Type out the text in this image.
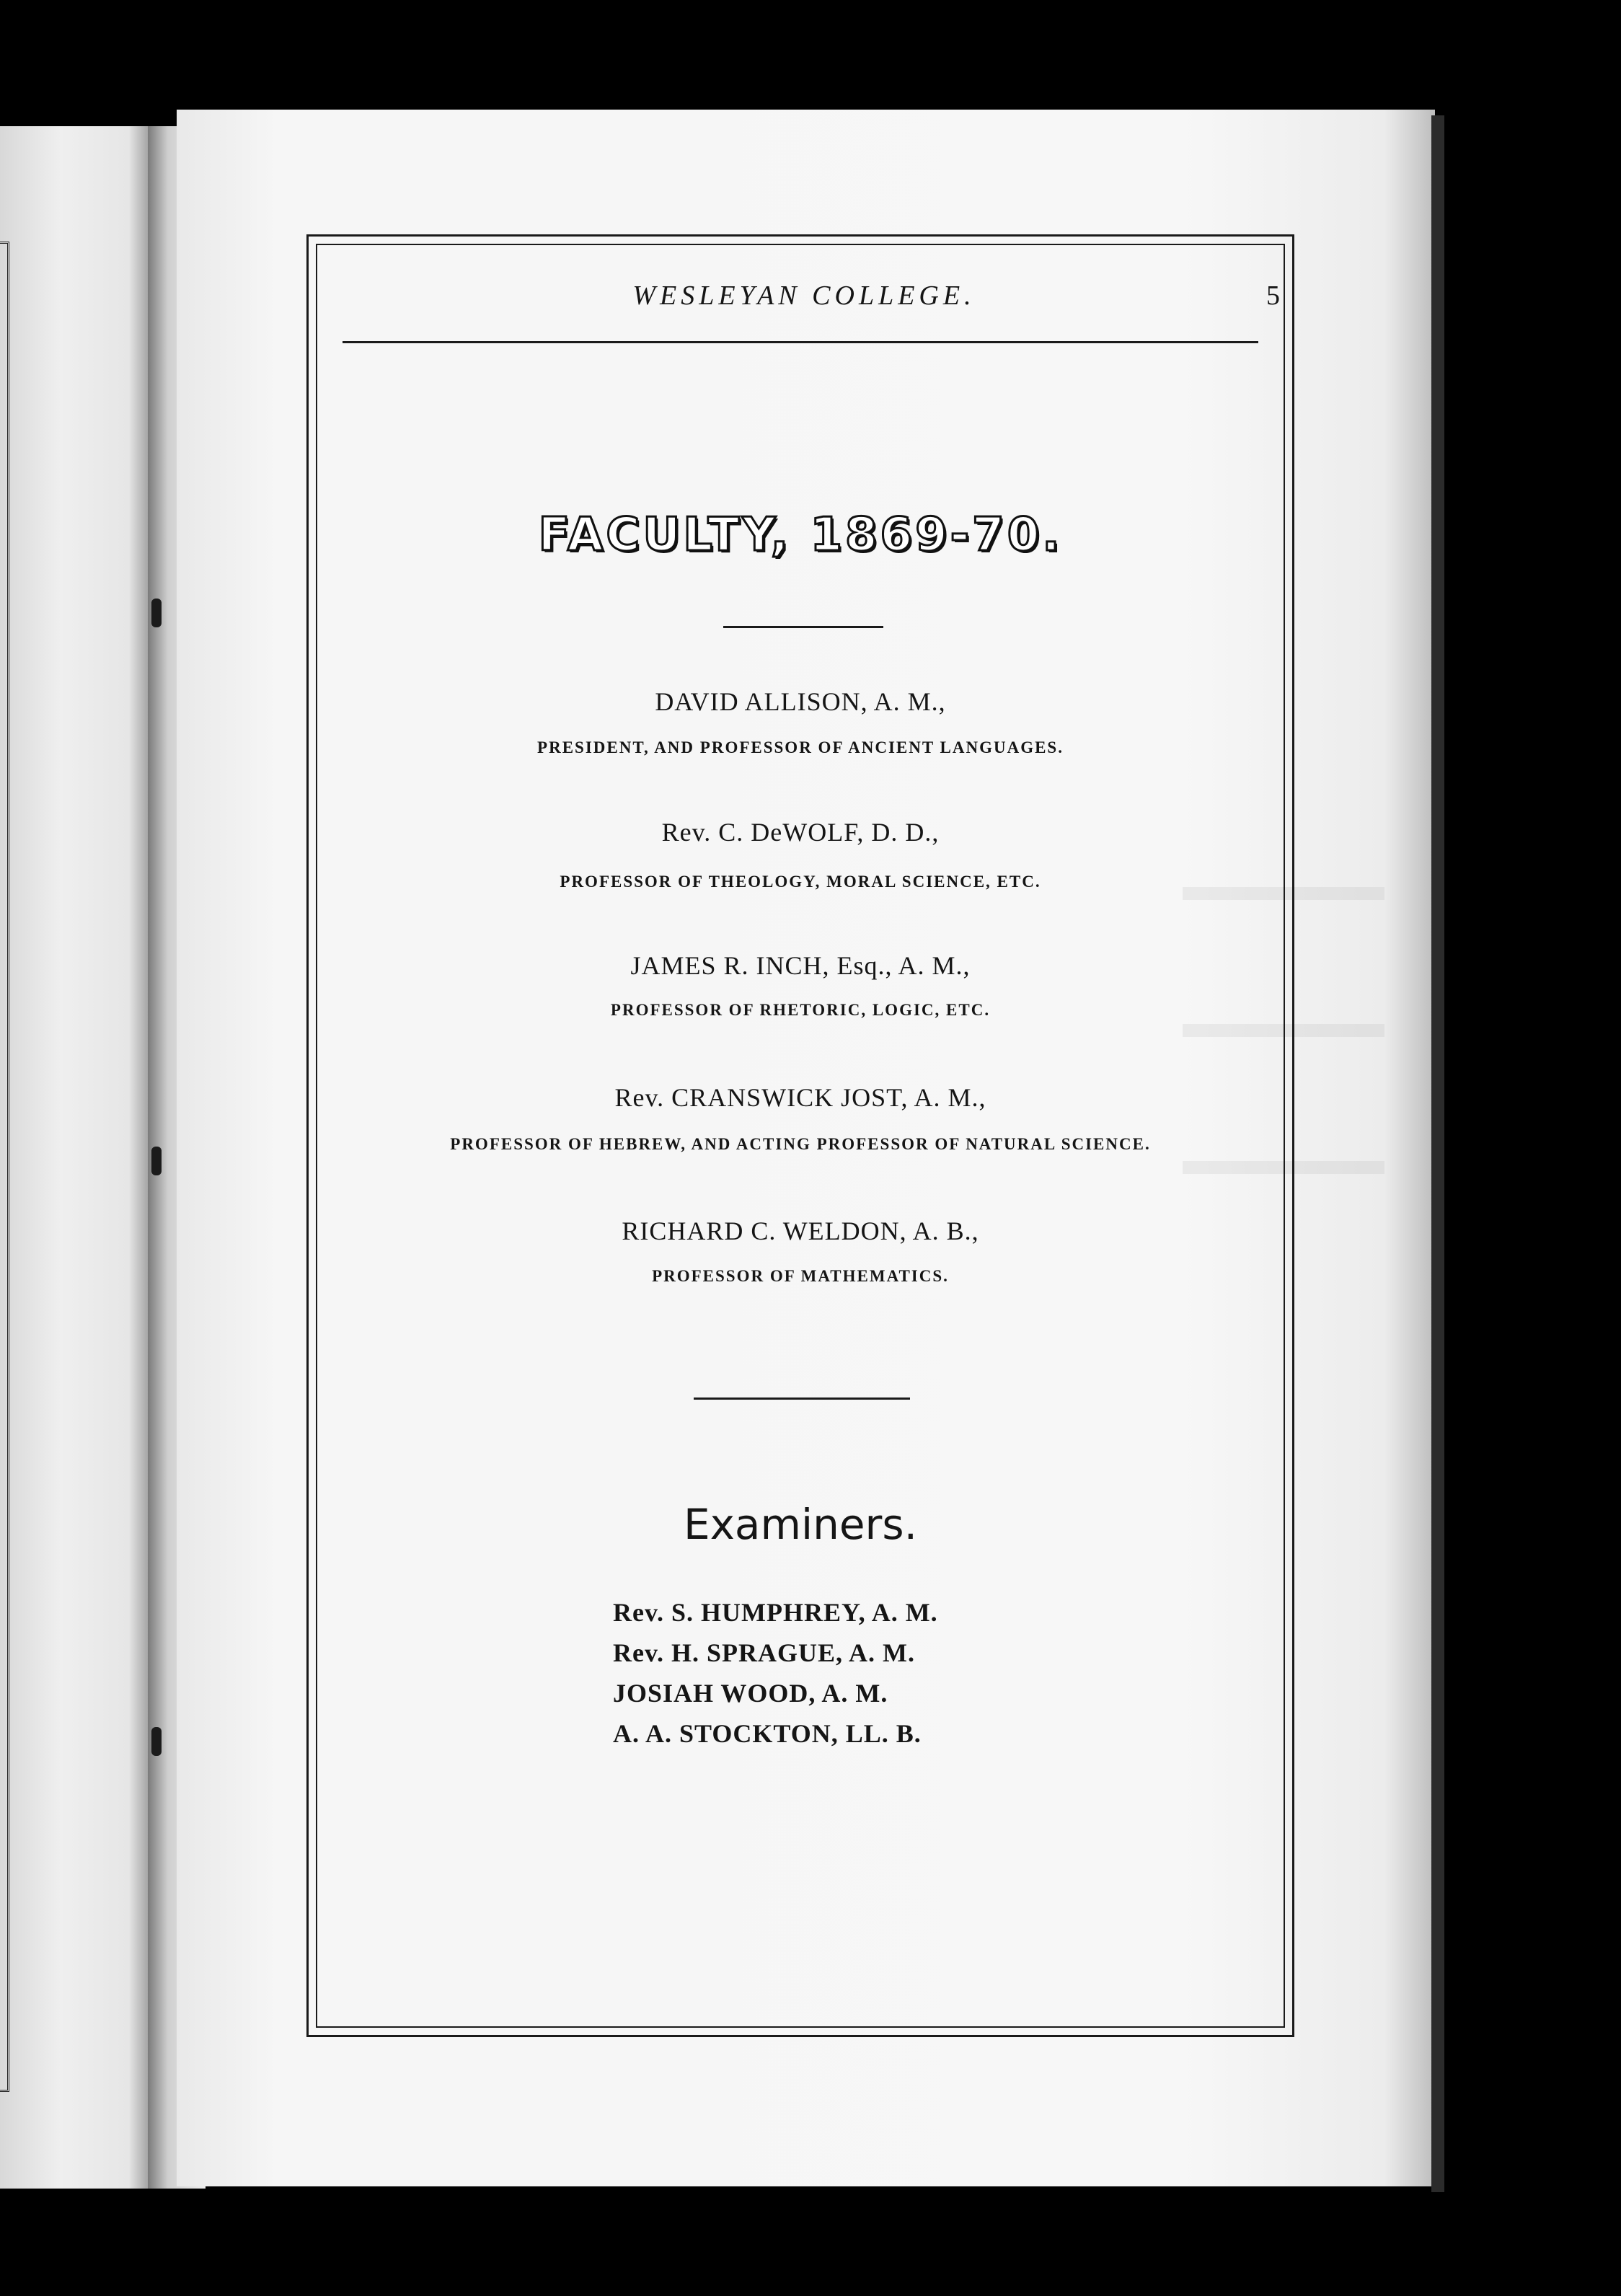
WESLEYAN COLLEGE.	5
FACULTY, 1869-70.
DAVID ALLISON, A. M.,
PRESIDENT, AND PROFESSOR OF ANCIENT LANGUAGES.
Rev. C. DeWOLF, D. D.,
PROFESSOR OF THEOLOGY, MORAL SCIENCE, ETC.
JAMES R. INCH, Esq., A. M.,
PROFESSOR OF RHETORIC, LOGIC, ETC.
Rev. CRANSWICK JOST, A. M.,
PROFESSOR OF HEBREW, AND ACTING PROFESSOR OF NATURAL SCIENCE.
RICHARD C. WELDON, A. B.,
PROFESSOR OF MATHEMATICS.
Examiners.
Rev. S. HUMPHREY, A. M.
Rev. H. SPRAGUE, A. M.
JOSIAH WOOD, A. M.
A. A. STOCKTON, LL. B.
